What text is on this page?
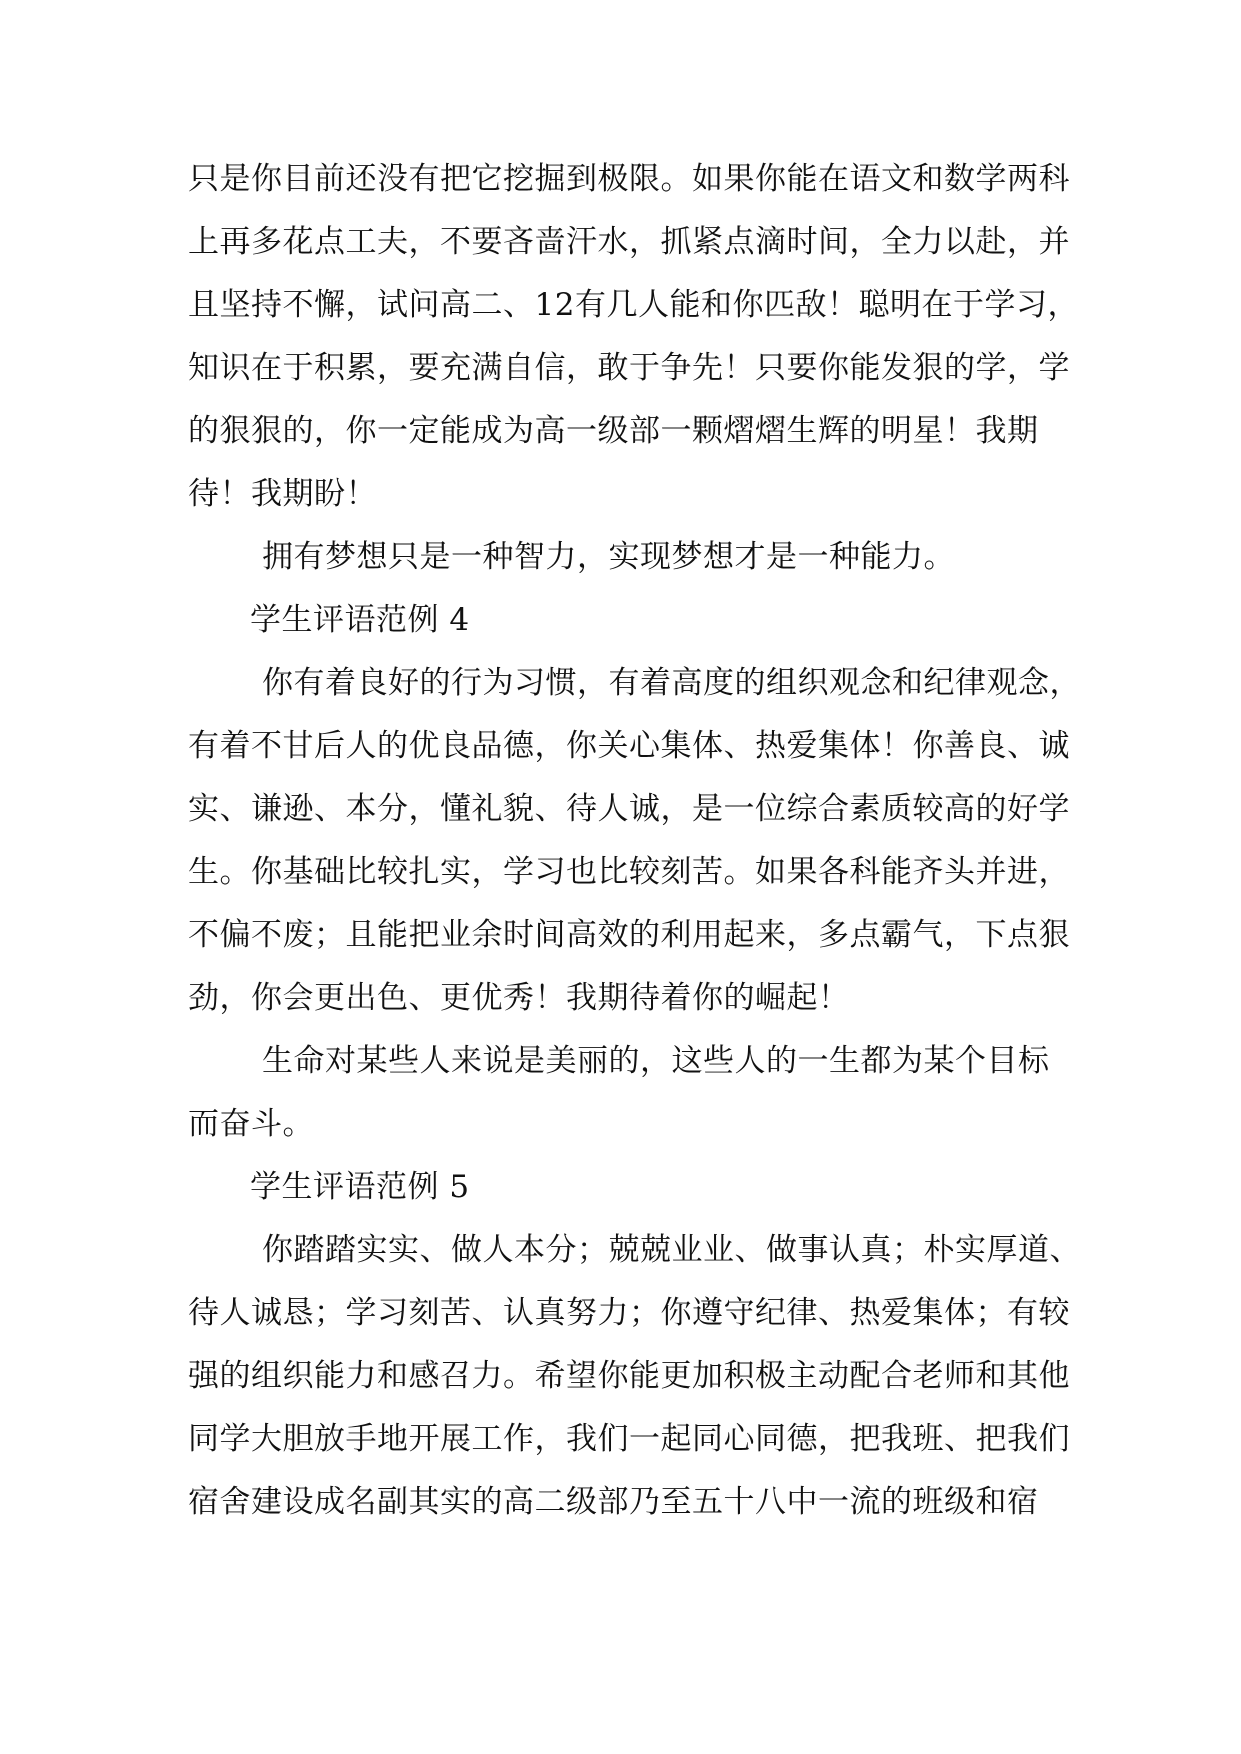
只是你目前还没有把它挖掘到极限。如果你能在语文和数学两科
上再多花点工夫，不要吝啬汗水，抓紧点滴时间，全力以赴，并
且坚持不懈，试问高二、12有几人能和你匹敌！聪明在于学习，
知识在于积累，要充满自信，敢于争先！只要你能发狠的学，学
的狠狠的，你一定能成为高一级部一颗熠熠生辉的明星！我期
待！我期盼！
拥有梦想只是一种智力，实现梦想才是一种能力。
学生评语范例 4
你有着良好的行为习惯，有着高度的组织观念和纪律观念，
有着不甘后人的优良品德，你关心集体、热爱集体！你善良、诚
实、谦逊、本分，懂礼貌、待人诚，是一位综合素质较高的好学
生。你基础比较扎实，学习也比较刻苦。如果各科能齐头并进，
不偏不废；且能把业余时间高效的利用起来，多点霸气，下点狠
劲，你会更出色、更优秀！我期待着你的崛起！
生命对某些人来说是美丽的，这些人的一生都为某个目标
而奋斗。
学生评语范例 5
你踏踏实实、做人本分；兢兢业业、做事认真；朴实厚道、
待人诚恳；学习刻苦、认真努力；你遵守纪律、热爱集体；有较
强的组织能力和感召力。希望你能更加积极主动配合老师和其他
同学大胆放手地开展工作，我们一起同心同德，把我班、把我们
宿舍建设成名副其实的高二级部乃至五十八中一流的班级和宿
